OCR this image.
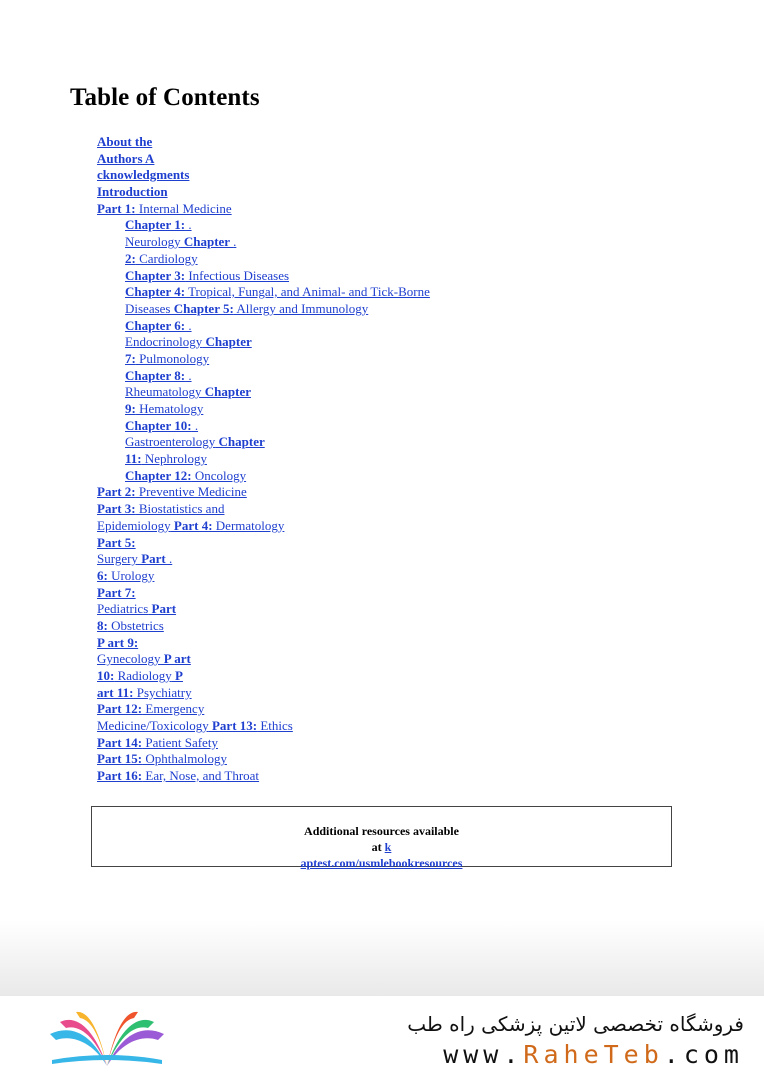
Table of Contents
About the
Authors A
cknowledgments
Introduction
Part 1: Internal Medicine
Chapter 1: .
Neurology Chapter .
2: Cardiology
Chapter 3: Infectious Diseases
Chapter 4: Tropical, Fungal, and Animal- and Tick-Borne
Diseases Chapter 5: Allergy and Immunology
Chapter 6: .
Endocrinology Chapter
7: Pulmonology
Chapter 8: .
Rheumatology Chapter
9: Hematology
Chapter 10: .
Gastroenterology Chapter
11: Nephrology
Chapter 12: Oncology
Part 2: Preventive Medicine
Part 3: Biostatistics and
Epidemiology Part 4: Dermatology
Part 5:
Surgery Part .
6: Urology
Part 7:
Pediatrics Part
8: Obstetrics
P art 9:
Gynecology P art
10: Radiology P
art 11: Psychiatry
Part 12: Emergency
Medicine/Toxicology Part 13: Ethics
Part 14: Patient Safety
Part 15: Ophthalmology
Part 16: Ear, Nose, and Throat
Additional resources available
at k
aptest.com/usmlebookresources
فروشگاه تخصصی لاتین پزشکی راه طب
www.RaheTeb.com
